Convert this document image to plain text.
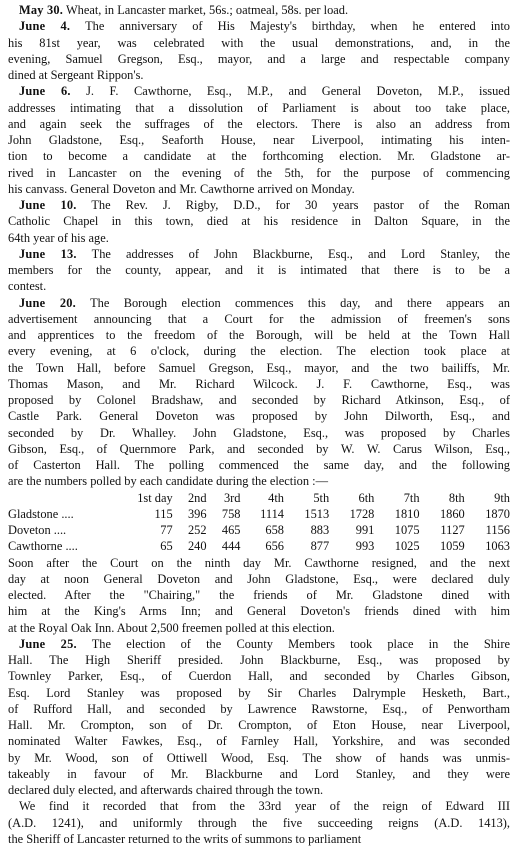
May 30. Wheat, in Lancaster market, 56s.; oatmeal, 58s. per load.
June 4. The anniversary of His Majesty's birthday, when he entered into
his 81st year, was celebrated with the usual demonstrations, and, in the
evening, Samuel Gregson, Esq., mayor, and a large and respectable company
dined at Sergeant Rippon's.
June 6. J. F. Cawthorne, Esq., M.P., and General Doveton, M.P., issued
addresses intimating that a dissolution of Parliament is about too take place,
and again seek the suffrages of the electors. There is also an address from
John Gladstone, Esq., Seaforth House, near Liverpool, intimating his inten-
tion to become a candidate at the forthcoming election. Mr. Gladstone ar-
rived in Lancaster on the evening of the 5th, for the purpose of commencing
his canvass. General Doveton and Mr. Cawthorne arrived on Monday.
June 10. The Rev. J. Rigby, D.D., for 30 years pastor of the Roman
Catholic Chapel in this town, died at his residence in Dalton Square, in the
64th year of his age.
June 13. The addresses of John Blackburne, Esq., and Lord Stanley, the
members for the county, appear, and it is intimated that there is to be a
contest.
June 20. The Borough election commences this day, and there appears an
advertisement announcing that a Court for the admission of freemen's sons
and apprentices to the freedom of the Borough, will be held at the Town Hall
every evening, at 6 o'clock, during the election. The election took place at
the Town Hall, before Samuel Gregson, Esq., mayor, and the two bailiffs, Mr.
Thomas Mason, and Mr. Richard Wilcock. J. F. Cawthorne, Esq., was
proposed by Colonel Bradshaw, and seconded by Richard Atkinson, Esq., of
Castle Park. General Doveton was proposed by John Dilworth, Esq., and
seconded by Dr. Whalley. John Gladstone, Esq., was proposed by Charles
Gibson, Esq., of Quernmore Park, and seconded by W. W. Carus Wilson, Esq.,
of Casterton Hall. The polling commenced the same day, and the following
are the numbers polled by each candidate during the election :—
	1st day	2nd	3rd	4th	5th	6th	7th	8th	9th
Gladstone ....	115	396	758	1114	1513	1728	1810	1860	1870
Doveton ....	77	252	465	658	883	991	1075	1127	1156
Cawthorne ....	65	240	444	656	877	993	1025	1059	1063
Soon after the Court on the ninth day Mr. Cawthorne resigned, and the next
day at noon General Doveton and John Gladstone, Esq., were declared duly
elected. After the "Chairing," the friends of Mr. Gladstone dined with
him at the King's Arms Inn; and General Doveton's friends dined with him
at the Royal Oak Inn. About 2,500 freemen polled at this election.
June 25. The election of the County Members took place in the Shire
Hall. The High Sheriff presided. John Blackburne, Esq., was proposed by
Townley Parker, Esq., of Cuerdon Hall, and seconded by Charles Gibson,
Esq. Lord Stanley was proposed by Sir Charles Dalrymple Hesketh, Bart.,
of Rufford Hall, and seconded by Lawrence Rawstorne, Esq., of Penwortham
Hall. Mr. Crompton, son of Dr. Crompton, of Eton House, near Liverpool,
nominated Walter Fawkes, Esq., of Farnley Hall, Yorkshire, and was seconded
by Mr. Wood, son of Ottiwell Wood, Esq. The show of hands was unmis-
takeably in favour of Mr. Blackburne and Lord Stanley, and they were
declared duly elected, and afterwards chaired through the town.
We find it recorded that from the 33rd year of the reign of Edward III
(A.D. 1241), and uniformly through the five succeeding reigns (A.D. 1413),
the Sheriff of Lancaster returned to the writs of summons to parliament
